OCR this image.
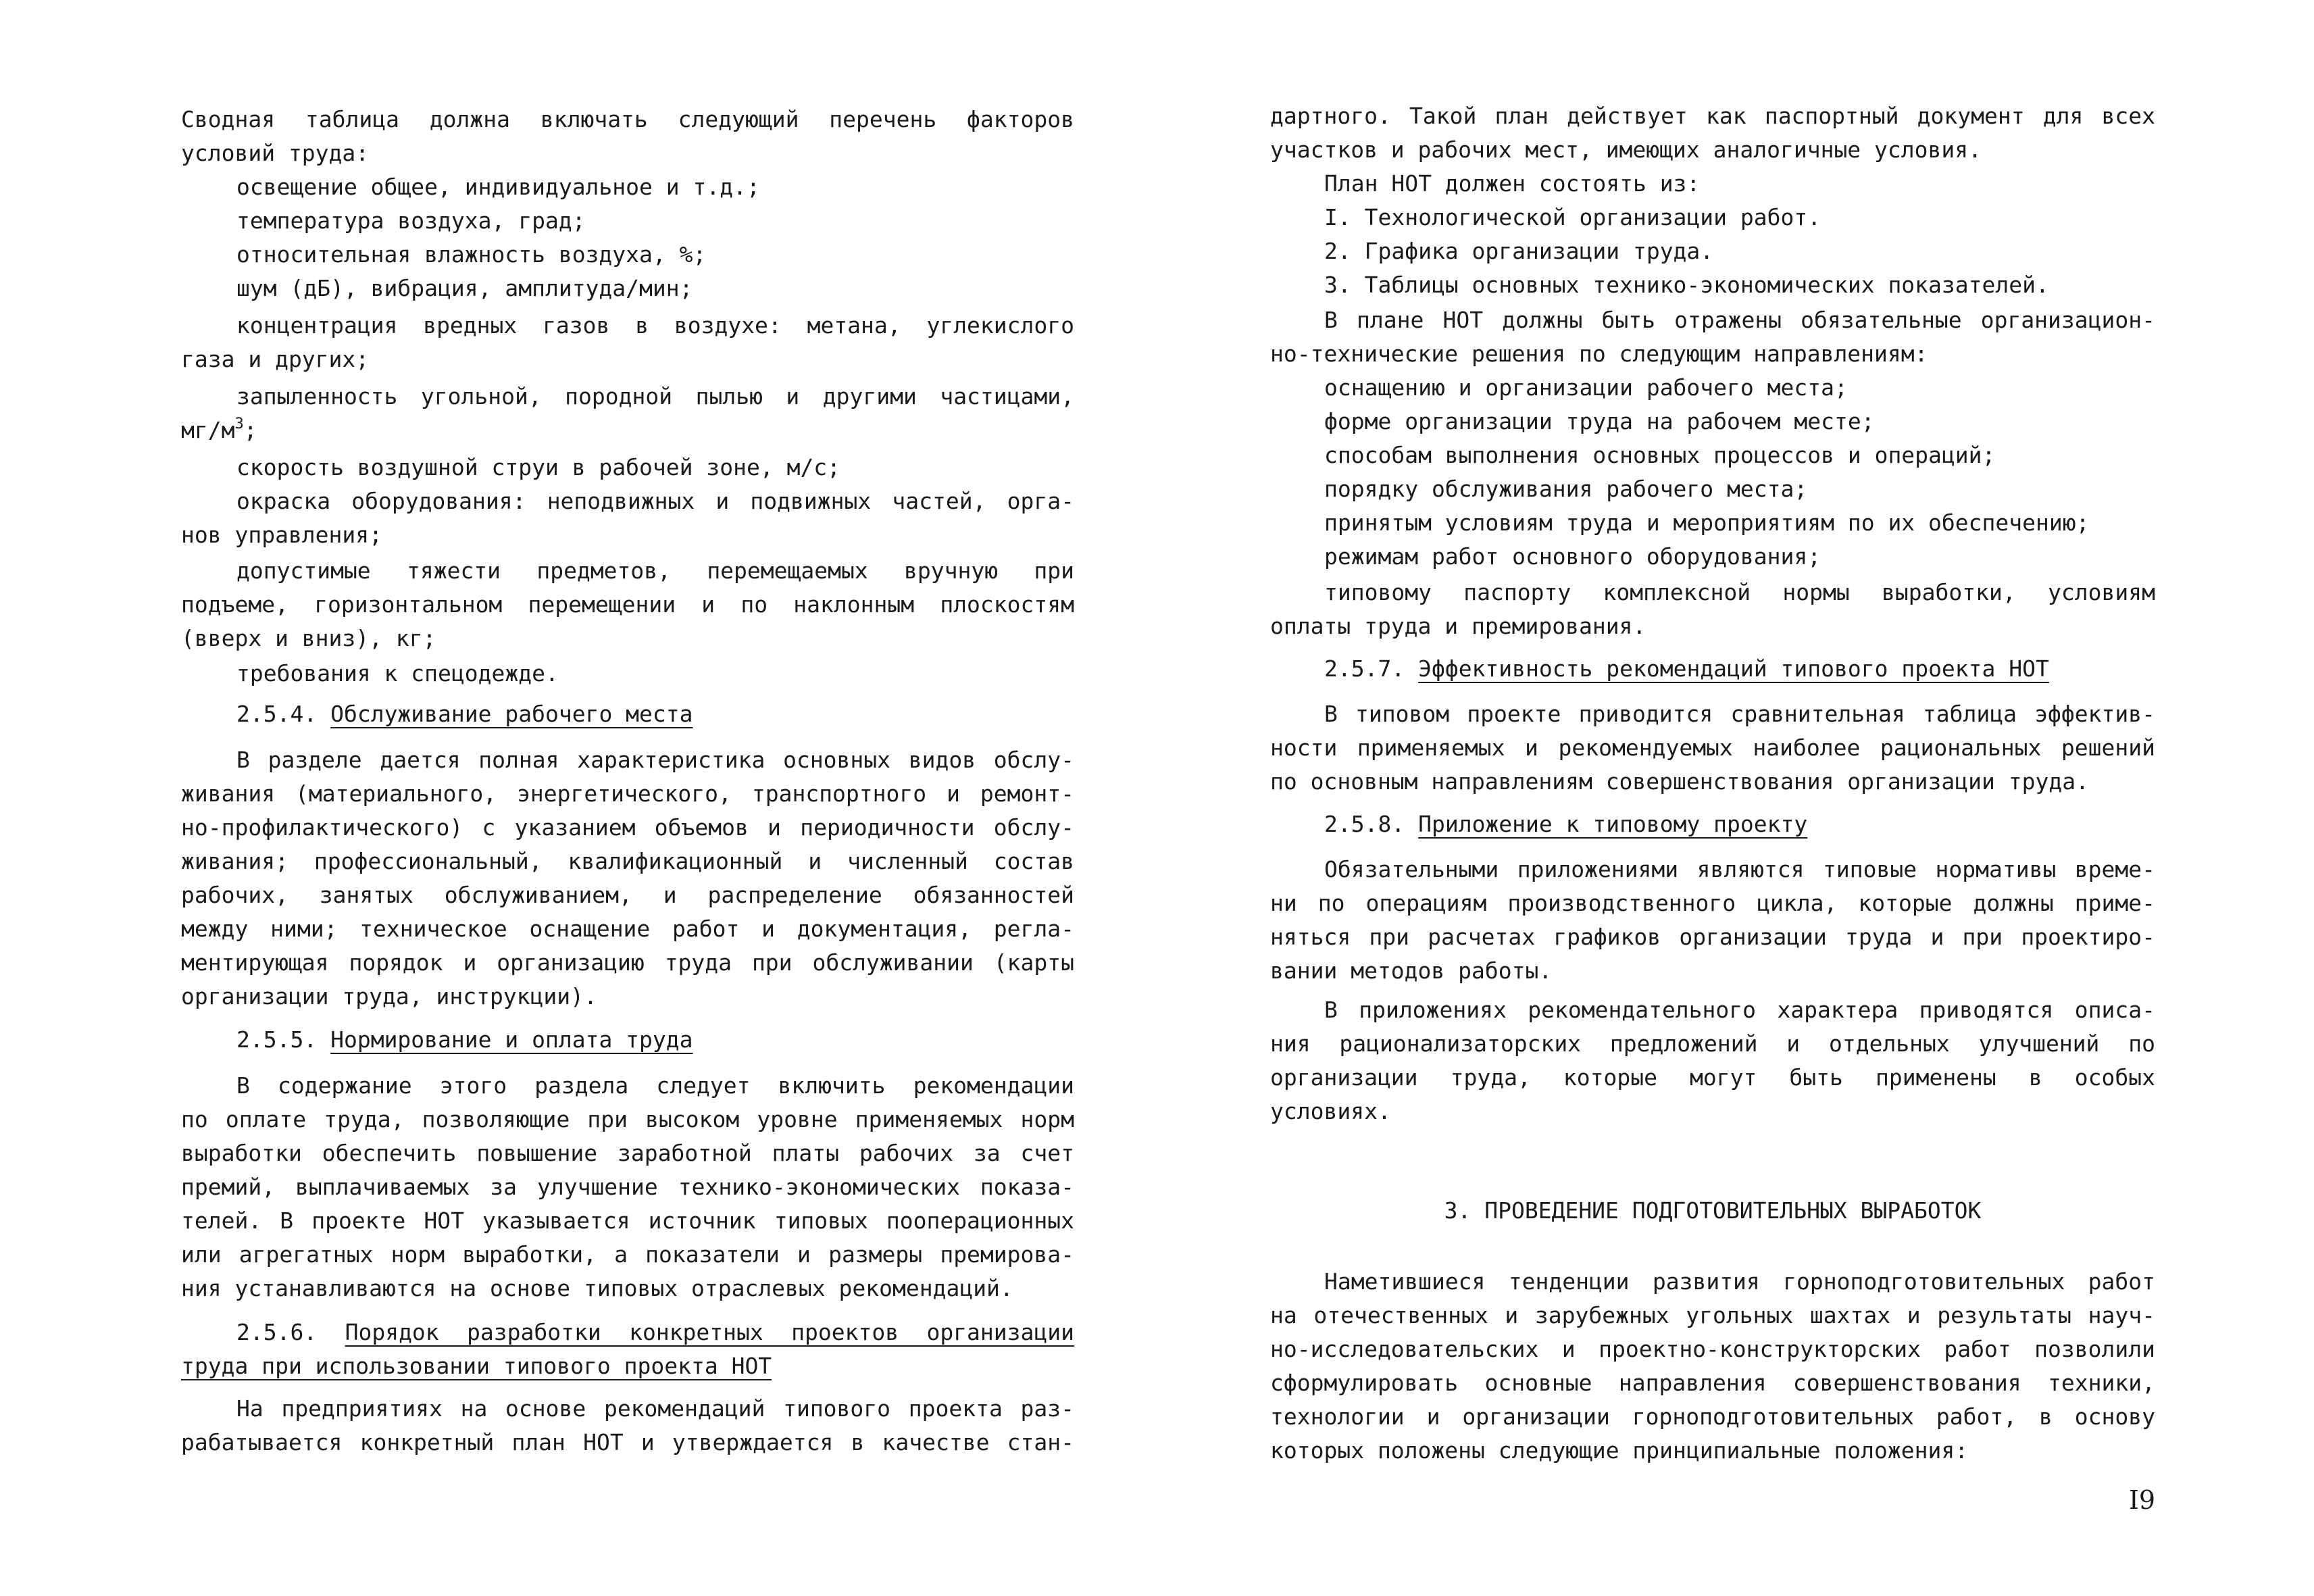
Сводная таблица должна включать следующий перечень факторов
условий труда:
освещение общее, индивидуальное и т.д.;
температура воздуха, град;
относительная влажность воздуха, %;
шум (дБ), вибрация, амплитуда/мин;
концентрация вредных газов в воздухе: метана, углекислого
газа и других;
запыленность угольной, породной пылью и другими частицами,
$мг/м^3$;
скорость воздушной струи в рабочей зоне, м/с;
окраска оборудования: неподвижных и подвижных частей, орга-
нов управления;
допустимые тяжести предметов, перемещаемых вручную при
подъеме, горизонтальном перемещении и по наклонным плоскостям
(вверх и вниз), кг;
требования к спецодежде.
2.5.4. Обслуживание рабочего места
В разделе дается полная характеристика основных видов обслу-
живания (материального, энергетического, транспортного и ремонт-
но-профилактического) с указанием объемов и периодичности обслу-
живания; профессиональный, квалификационный и численный состав
рабочих, занятых обслуживанием, и распределение обязанностей
между ними; техническое оснащение работ и документация, регла-
ментирующая порядок и организацию труда при обслуживании (карты
организации труда, инструкции).
2.5.5. Нормирование и оплата труда
В содержание этого раздела следует включить рекомендации
по оплате труда, позволяющие при высоком уровне применяемых норм
выработки обеспечить повышение заработной платы рабочих за счет
премий, выплачиваемых за улучшение технико-экономических показа-
телей. В проекте НОТ указывается источник типовых пооперационных
или агрегатных норм выработки, а показатели и размеры премирова-
ния устанавливаются на основе типовых отраслевых рекомендаций.
2.5.6. Порядок разработки конкретных проектов организации
труда при использовании типового проекта НОТ
На предприятиях на основе рекомендаций типового проекта раз-
рабатывается конкретный план НОТ и утверждается в качестве стан-
дартного. Такой план действует как паспортный документ для всех
участков и рабочих мест, имеющих аналогичные условия.
План НОТ должен состоять из:
I. Технологической организации работ.
2. Графика организации труда.
3. Таблицы основных технико-экономических показателей.
В плане НОТ должны быть отражены обязательные организацион-
но-технические решения по следующим направлениям:
оснащению и организации рабочего места;
форме организации труда на рабочем месте;
способам выполнения основных процессов и операций;
порядку обслуживания рабочего места;
принятым условиям труда и мероприятиям по их обеспечению;
режимам работ основного оборудования;
типовому паспорту комплексной нормы выработки, условиям
оплаты труда и премирования.
2.5.7. Эффективность рекомендаций типового проекта НОТ
В типовом проекте приводится сравнительная таблица эффектив-
ности применяемых и рекомендуемых наиболее рациональных решений
по основным направлениям совершенствования организации труда.
2.5.8. Приложение к типовому проекту
Обязательными приложениями являются типовые нормативы време-
ни по операциям производственного цикла, которые должны приме-
няться при расчетах графиков организации труда и при проектиро-
вании методов работы.
В приложениях рекомендательного характера приводятся описа-
ния рационализаторских предложений и отдельных улучшений по
организации труда, которые могут быть применены в особых
условиях.
3. ПРОВЕДЕНИЕ ПОДГОТОВИТЕЛЬНЫХ ВЫРАБОТОК
Наметившиеся тенденции развития горноподготовительных работ
на отечественных и зарубежных угольных шахтах и результаты науч-
но-исследовательских и проектно-конструкторских работ позволили
сформулировать основные направления совершенствования техники,
технологии и организации горноподготовительных работ, в основу
которых положены следующие принципиальные положения:
I9
